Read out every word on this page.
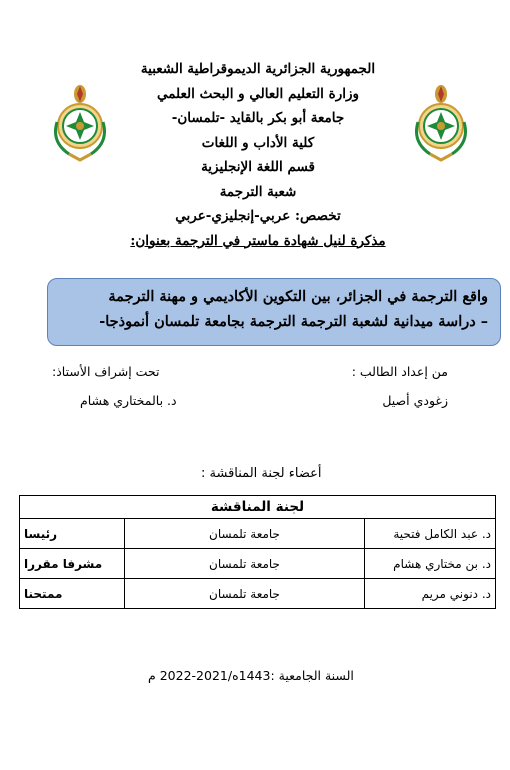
الجمهورية الجزائرية الديموقراطية الشعبية
وزارة التعليم العالي و البحث العلمي
جامعة أبو بكر بالقايد -تلمسان-
كلية الأداب و اللغات
قسم اللغة الإنجليزية
شعبة الترجمة
تخصص: عربي-إنجليزي-عربي
مذكرة لنيل شهادة ماستر في الترجمة بعنوان:
واقع الترجمة في الجزائر، بين التكوين الأكاديمي و مهنة الترجمة
– دراسة ميدانية لشعبة الترجمة الترجمة بجامعة تلمسان أنموذجا-
من إعداد الطالب :
زغودي أصيل
تحت إشراف الأستاذ:
د. بالمختاري هشام
أعضاء لجنة المناقشة :
لجنة المناقشة		
د. عبد الكامل فتحية	جامعة تلمسان	رئيسا
د. بن مختاري هشام	جامعة تلمسان	مشرفا مقررا
د. دنوني مريم	جامعة تلمسان	ممتحنا
السنة الجامعية :1443ه/2021-2022 م
